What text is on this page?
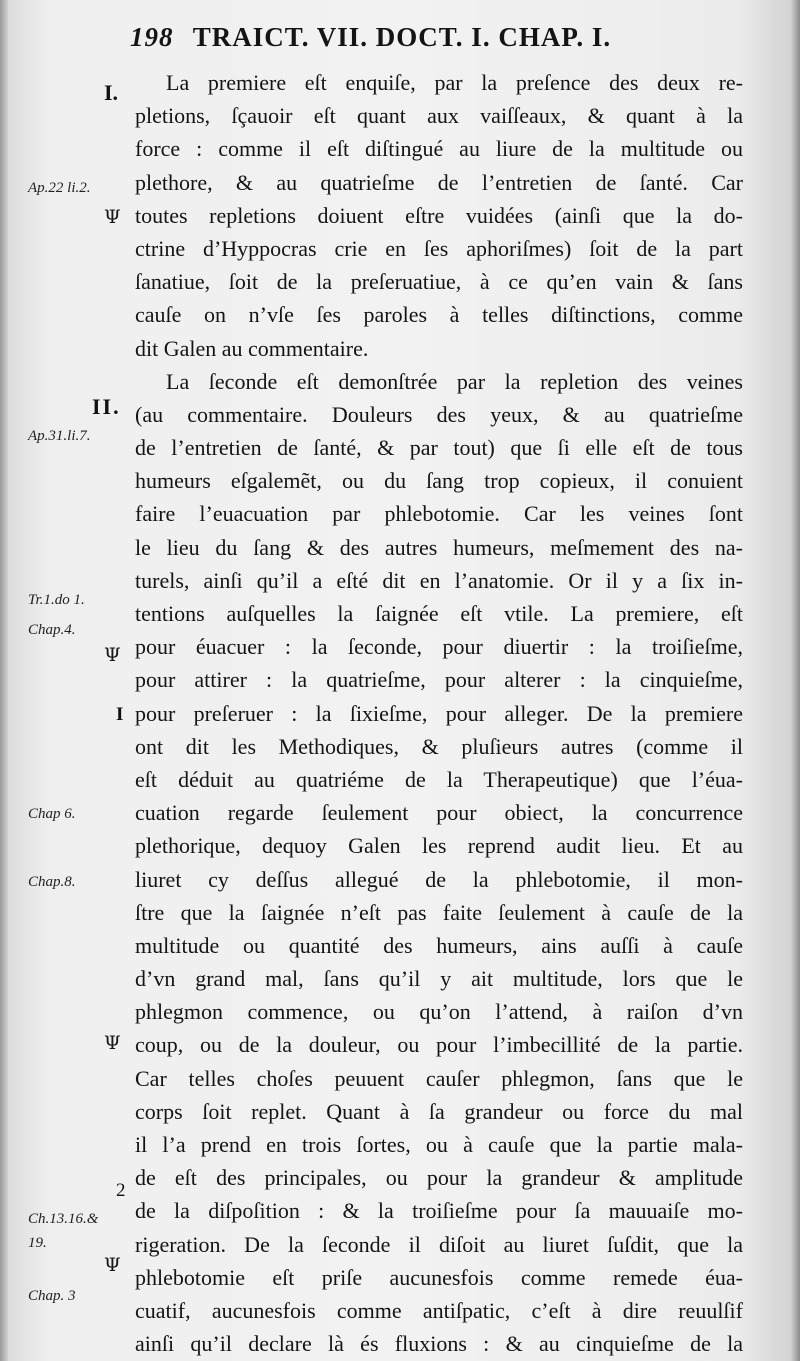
198 TRAICT. VII. DOCT. I. CHAP. I.
I.
II.
I
2
Ap.22 li.2.
Ap.31.li.7.
Tr.1.do 1.
Chap.4.
Chap 6.
Chap.8.
Ch.13.16.&
19.
Chap. 3
Ψ
Ψ
Ψ
Ψ
La premiere eſt enquiſe, par la preſence des deux re-
pletions, ſçauoir eſt quant aux vaiſſeaux, & quant à la
force : comme il eſt diſtingué au liure de la multitude ou
plethore, & au quatrieſme de l’entretien de ſanté. Car
toutes repletions doiuent eſtre vuidées (ainſi que la do-
ctrine d’Hyppocras crie en ſes aphoriſmes) ſoit de la part
ſanatiue, ſoit de la preſeruatiue, à ce qu’en vain & ſans
cauſe on n’vſe ſes paroles à telles diſtinctions, comme
dit Galen au commentaire.
La ſeconde eſt demonſtrée par la repletion des veines
(au commentaire. Douleurs des yeux, & au quatrieſme
de l’entretien de ſanté, & par tout) que ſi elle eſt de tous
humeurs eſgalemẽt, ou du ſang trop copieux, il conuient
faire l’euacuation par phlebotomie. Car les veines ſont
le lieu du ſang & des autres humeurs, meſmement des na-
turels, ainſi qu’il a eſté dit en l’anatomie. Or il y a ſix in-
tentions auſquelles la ſaignée eſt vtile. La premiere, eſt
pour éuacuer : la ſeconde, pour diuertir : la troiſieſme,
pour attirer : la quatrieſme, pour alterer : la cinquieſme,
pour preſeruer : la ſixieſme, pour alleger. De la premiere
ont dit les Methodiques, & pluſieurs autres (comme il
eſt déduit au quatriéme de la Therapeutique) que l’éua-
cuation regarde ſeulement pour obiect, la concurrence
plethorique, dequoy Galen les reprend audit lieu. Et au
liuret cy deſſus allegué de la phlebotomie, il mon-
ſtre que la ſaignée n’eſt pas faite ſeulement à cauſe de la
multitude ou quantité des humeurs, ains auſſi à cauſe
d’vn grand mal, ſans qu’il y ait multitude, lors que le
phlegmon commence, ou qu’on l’attend, à raiſon d’vn
coup, ou de la douleur, ou pour l’imbecillité de la partie.
Car telles choſes peuuent cauſer phlegmon, ſans que le
corps ſoit replet. Quant à ſa grandeur ou force du mal
il l’a prend en trois ſortes, ou à cauſe que la partie mala-
de eſt des principales, ou pour la grandeur & amplitude
de la diſpoſition : & la troiſieſme pour ſa mauuaiſe mo-
rigeration. De la ſeconde il diſoit au liuret ſuſdit, que la
phlebotomie eſt priſe aucunesfois comme remede éua-
cuatif, aucunesfois comme antiſpatic, c’eſt à dire reuulſif
ainſi qu’il declare là és fluxions : & au cinquieſme de la
